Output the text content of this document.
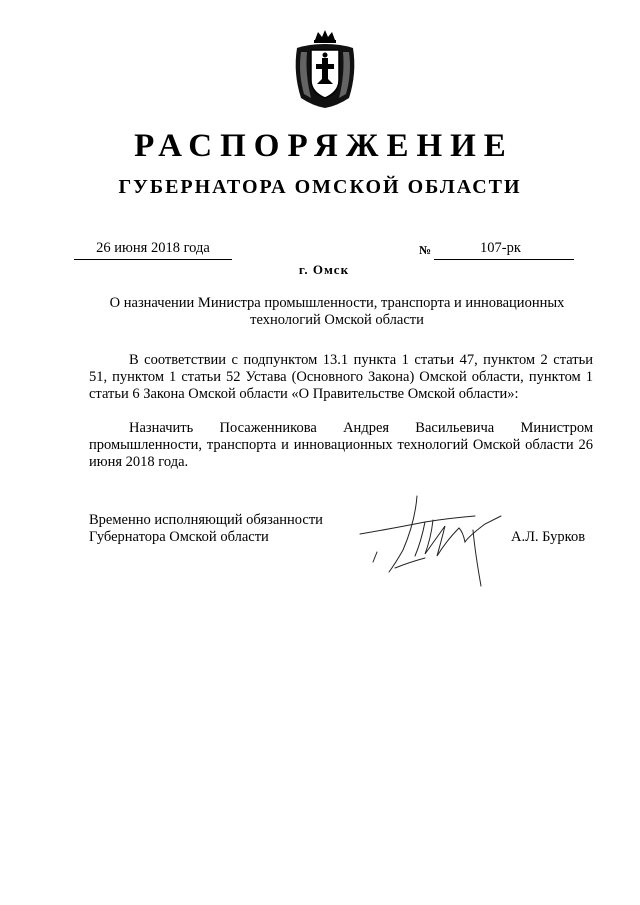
РАСПОРЯЖЕНИЕ
ГУБЕРНАТОРА ОМСКОЙ ОБЛАСТИ
26 июня 2018 года	№	107-рк
г. Омск
О назначении Министра промышленности, транспорта и инновационных технологий Омской области

В соответствии с подпунктом 13.1 пункта 1 статьи 47, пунктом 2 статьи 51, пунктом 1 статьи 52 Устава (Основного Закона) Омской области, пунктом 1 статьи 6 Закона Омской области «О Правительстве Омской области»:

Назначить Посаженникова Андрея Васильевича Министром промышленности, транспорта и инновационных технологий Омской области 26 июня 2018 года.

Временно исполняющий обязанности
Губернатора Омской области	А.Л. Бурков
